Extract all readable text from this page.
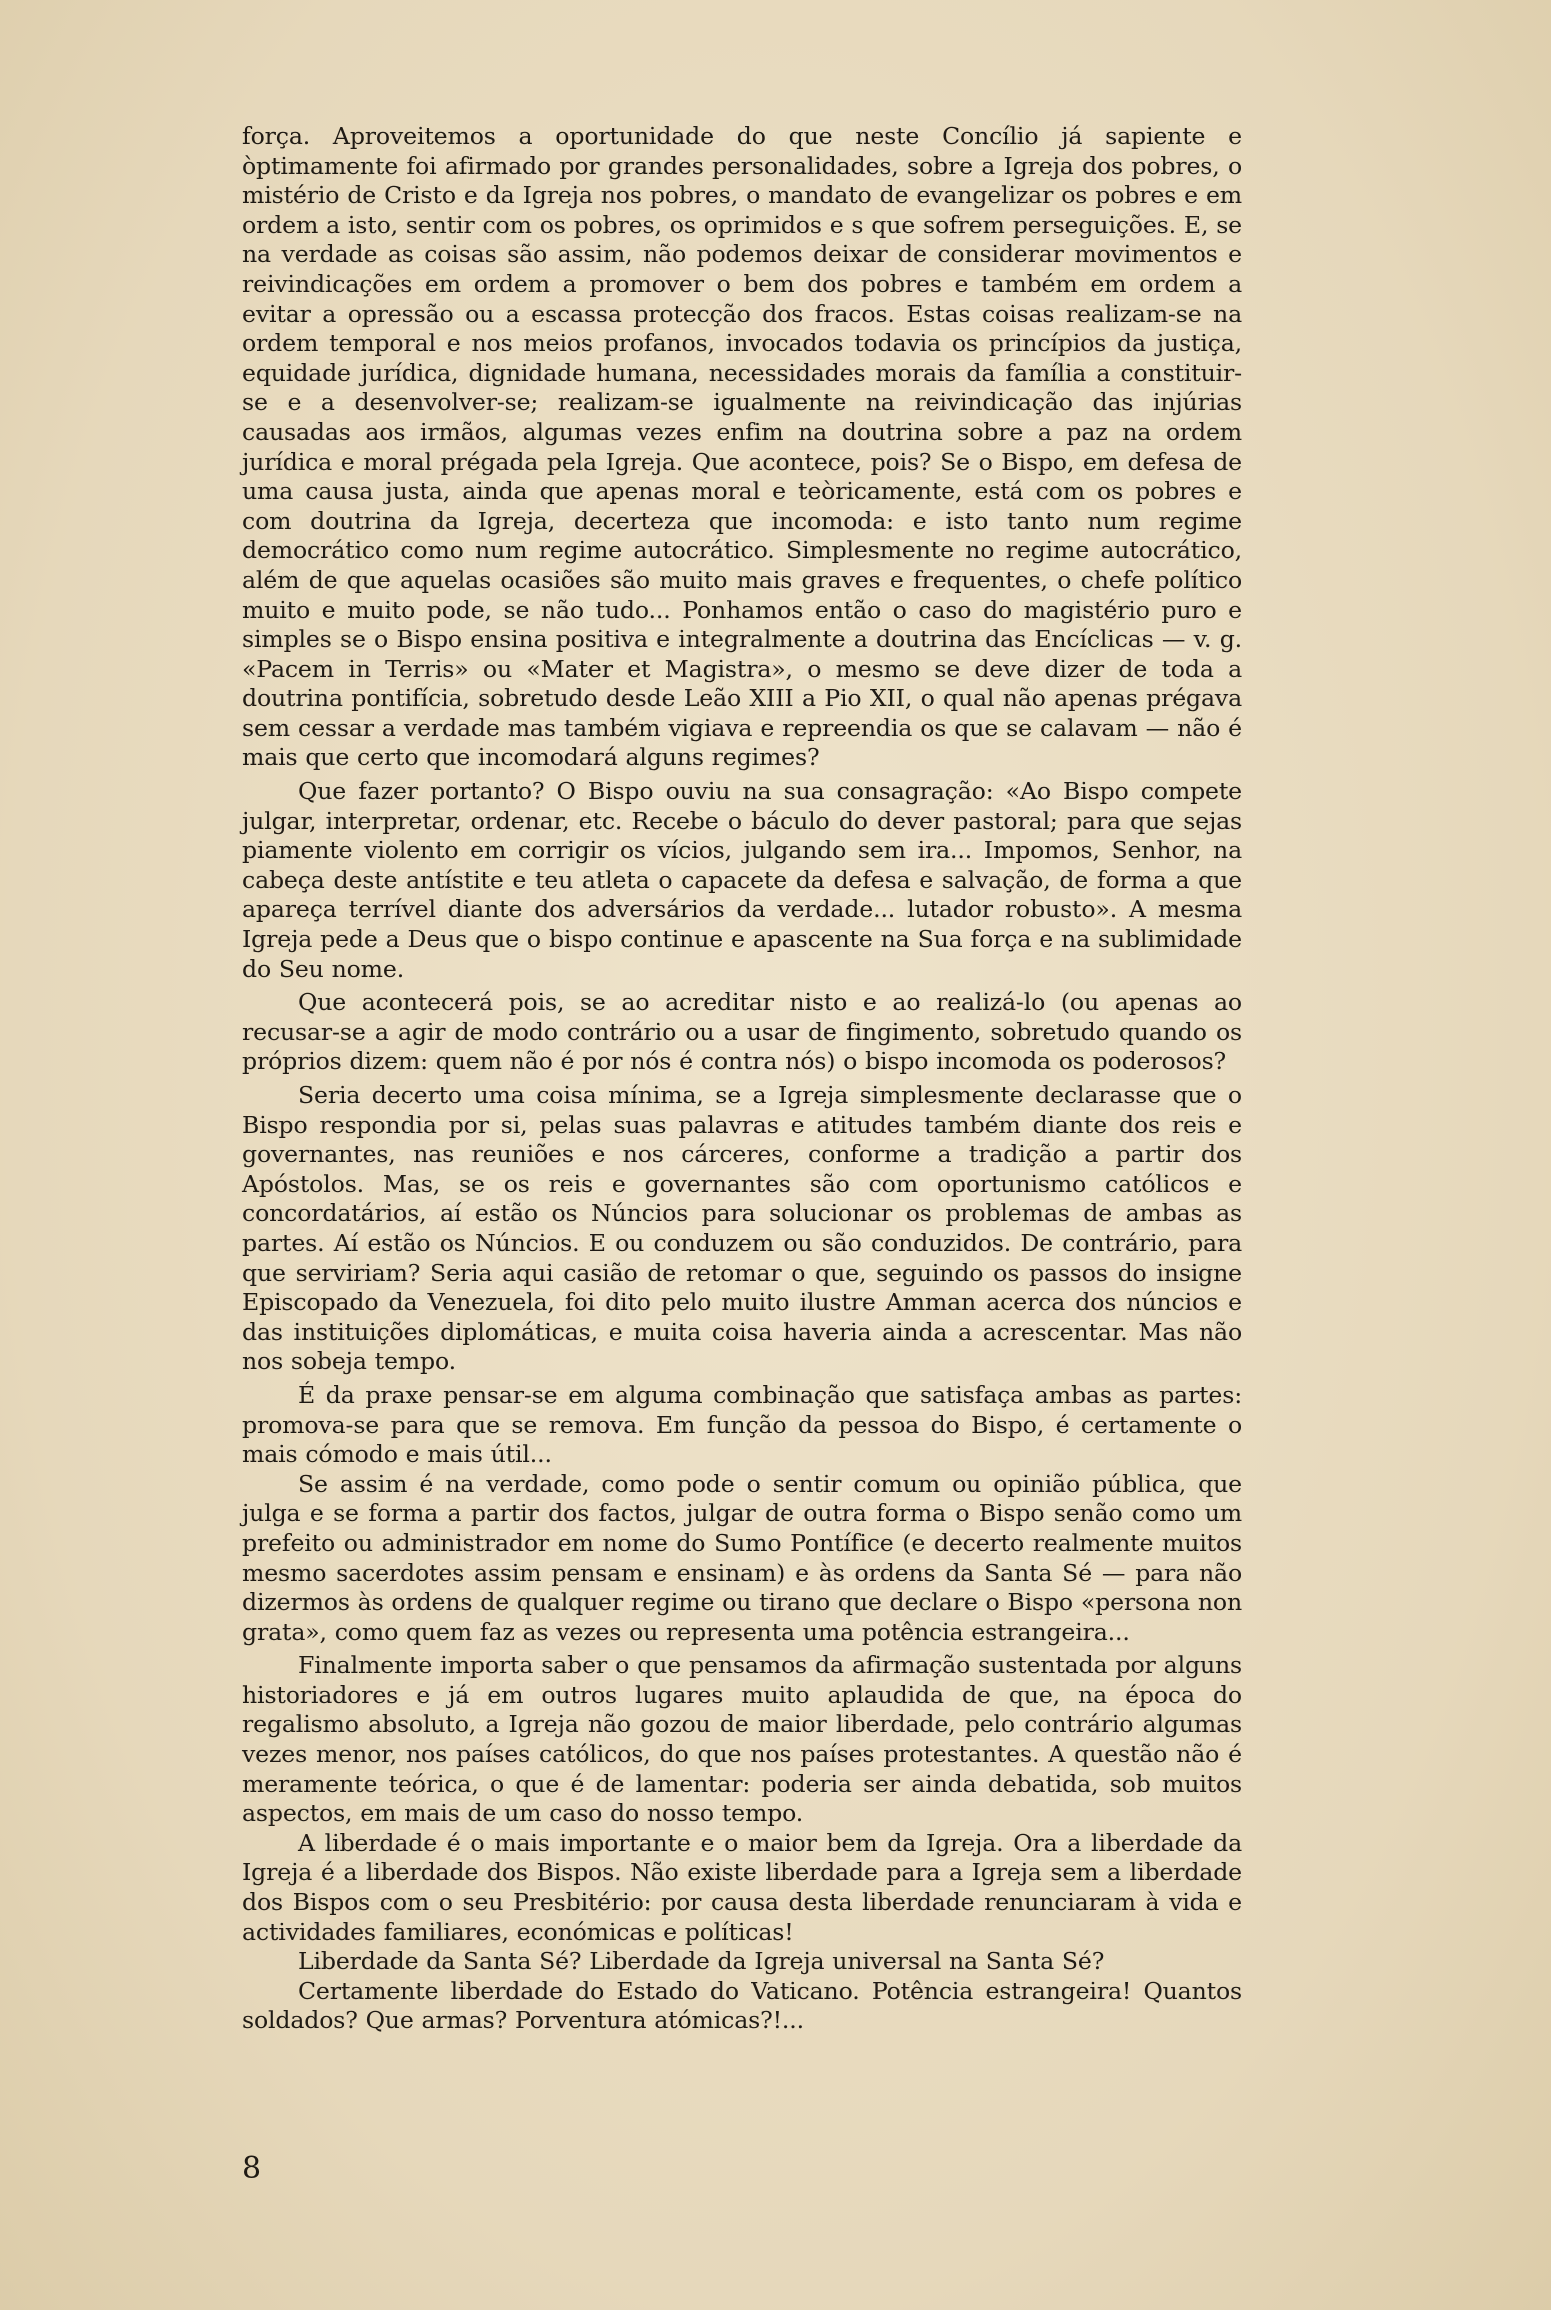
força. Aproveitemos a oportunidade do que neste Concílio já sapiente e òptimamente foi afirmado por grandes personalidades, sobre a Igreja dos pobres, o mistério de Cristo e da Igreja nos pobres, o mandato de evangelizar os pobres e em ordem a isto, sentir com os pobres, os oprimidos e s que sofrem perseguições. E, se na verdade as coisas são assim, não podemos deixar de considerar movimentos e reivindicações em ordem a promover o bem dos pobres e também em ordem a evitar a opressão ou a escassa protecção dos fracos. Estas coisas realizam-se na ordem temporal e nos meios profanos, invocados todavia os princípios da justiça, equidade jurídica, dignidade humana, necessidades morais da família a constituir-se e a desenvolver-se; realizam-se igualmente na reivindicação das injúrias causadas aos irmãos, algumas vezes enfim na doutrina sobre a paz na ordem jurídica e moral prégada pela Igreja. Que acontece, pois? Se o Bispo, em defesa de uma causa justa, ainda que apenas moral e teòricamente, está com os pobres e com doutrina da Igreja, decerteza que incomoda: e isto tanto num regime democrático como num regime autocrático. Simplesmente no regime autocrático, além de que aquelas ocasiões são muito mais graves e frequentes, o chefe político muito e muito pode, se não tudo... Ponhamos então o caso do magistério puro e simples se o Bispo ensina positiva e integralmente a doutrina das Encíclicas — v. g. «Pacem in Terris» ou «Mater et Magistra», o mesmo se deve dizer de toda a doutrina pontifícia, sobretudo desde Leão XIII a Pio XII, o qual não apenas prégava sem cessar a verdade mas também vigiava e repreendia os que se calavam — não é mais que certo que incomodará alguns regimes?

Que fazer portanto? O Bispo ouviu na sua consagração: «Ao Bispo compete julgar, interpretar, ordenar, etc. Recebe o báculo do dever pastoral; para que sejas piamente violento em corrigir os vícios, julgando sem ira... Impomos, Senhor, na cabeça deste antístite e teu atleta o capacete da defesa e salvação, de forma a que apareça terrível diante dos adversários da verdade... lutador robusto». A mesma Igreja pede a Deus que o bispo continue e apascente na Sua força e na sublimidade do Seu nome.

Que acontecerá pois, se ao acreditar nisto e ao realizá-lo (ou apenas ao recusar-se a agir de modo contrário ou a usar de fingimento, sobretudo quando os próprios dizem: quem não é por nós é contra nós) o bispo incomoda os poderosos?

Seria decerto uma coisa mínima, se a Igreja simplesmente declarasse que o Bispo respondia por si, pelas suas palavras e atitudes também diante dos reis e governantes, nas reuniões e nos cárceres, conforme a tradição a partir dos Apóstolos. Mas, se os reis e governantes são com oportunismo católicos e concordatários, aí estão os Núncios para solucionar os problemas de ambas as partes. Aí estão os Núncios. E ou conduzem ou são conduzidos. De contrário, para que serviriam? Seria aqui casião de retomar o que, seguindo os passos do insigne Episcopado da Venezuela, foi dito pelo muito ilustre Amman acerca dos núncios e das instituições diplomáticas, e muita coisa haveria ainda a acrescentar. Mas não nos sobeja tempo.

É da praxe pensar-se em alguma combinação que satisfaça ambas as partes: promova-se para que se remova. Em função da pessoa do Bispo, é certamente o mais cómodo e mais útil...

Se assim é na verdade, como pode o sentir comum ou opinião pública, que julga e se forma a partir dos factos, julgar de outra forma o Bispo senão como um prefeito ou administrador em nome do Sumo Pontífice (e decerto realmente muitos mesmo sacerdotes assim pensam e ensinam) e às ordens da Santa Sé — para não dizermos às ordens de qualquer regime ou tirano que declare o Bispo «persona non grata», como quem faz as vezes ou representa uma potência estrangeira...

Finalmente importa saber o que pensamos da afirmação sustentada por alguns historiadores e já em outros lugares muito aplaudida de que, na época do regalismo absoluto, a Igreja não gozou de maior liberdade, pelo contrário algumas vezes menor, nos países católicos, do que nos países protestantes. A questão não é meramente teórica, o que é de lamentar: poderia ser ainda debatida, sob muitos aspectos, em mais de um caso do nosso tempo.

A liberdade é o mais importante e o maior bem da Igreja. Ora a liberdade da Igreja é a liberdade dos Bispos. Não existe liberdade para a Igreja sem a liberdade dos Bispos com o seu Presbitério: por causa desta liberdade renunciaram à vida e actividades familiares, económicas e políticas!

Liberdade da Santa Sé? Liberdade da Igreja universal na Santa Sé?

Certamente liberdade do Estado do Vaticano. Potência estrangeira! Quantos soldados? Que armas? Porventura atómicas?!...

8
